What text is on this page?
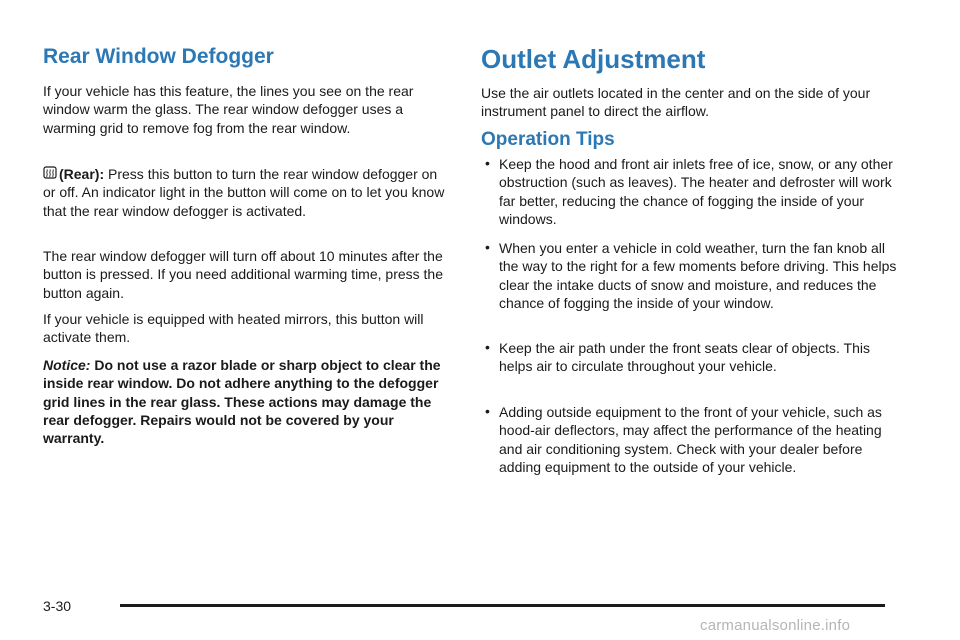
Rear Window Defogger

If your vehicle has this feature, the lines you see on the rear window warm the glass. The rear window defogger uses a warming grid to remove fog from the rear window.

(Rear): Press this button to turn the rear window defogger on or off. An indicator light in the button will come on to let you know that the rear window defogger is activated.

The rear window defogger will turn off about 10 minutes after the button is pressed. If you need additional warming time, press the button again.

If your vehicle is equipped with heated mirrors, this button will activate them.

Notice: Do not use a razor blade or sharp object to clear the inside rear window. Do not adhere anything to the defogger grid lines in the rear glass. These actions may damage the rear defogger. Repairs would not be covered by your warranty.

Outlet Adjustment

Use the air outlets located in the center and on the side of your instrument panel to direct the airflow.

Operation Tips
• Keep the hood and front air inlets free of ice, snow, or any other obstruction (such as leaves). The heater and defroster will work far better, reducing the chance of fogging the inside of your windows.
• When you enter a vehicle in cold weather, turn the fan knob all the way to the right for a few moments before driving. This helps clear the intake ducts of snow and moisture, and reduces the chance of fogging the inside of your window.
• Keep the air path under the front seats clear of objects. This helps air to circulate throughout your vehicle.
• Adding outside equipment to the front of your vehicle, such as hood-air deflectors, may affect the performance of the heating and air conditioning system. Check with your dealer before adding equipment to the outside of your vehicle.
3-30
carmanualsonline.info
